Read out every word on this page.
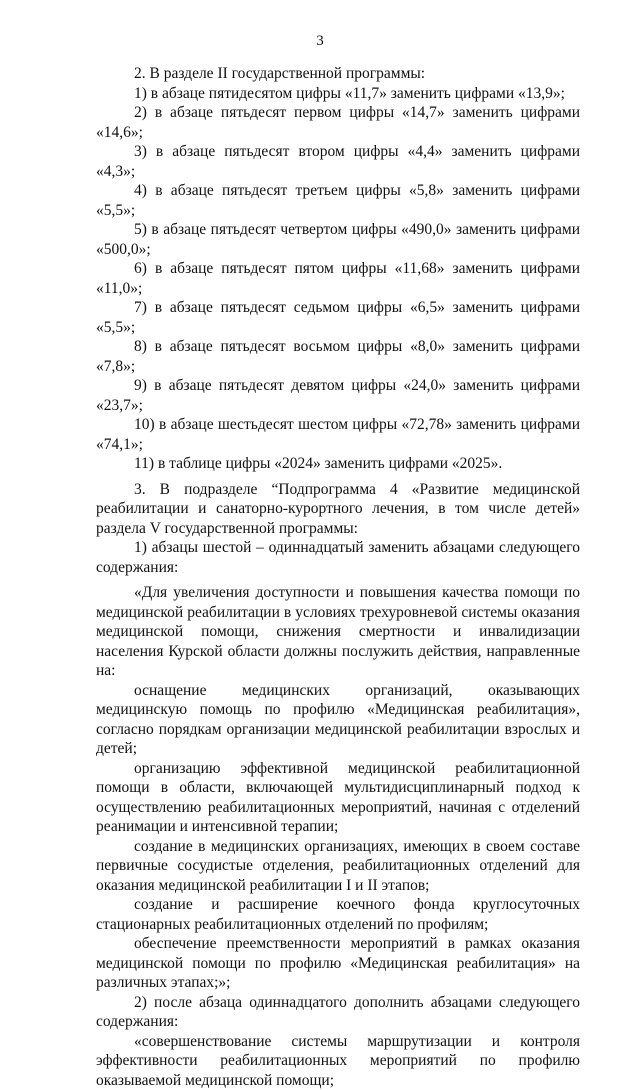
3

2. В разделе II государственной программы:

1) в абзаце пятидесятом цифры «11,7» заменить цифрами «13,9»;

2) в абзаце пятьдесят первом цифры «14,7» заменить цифрами «14,6»;

3) в абзаце пятьдесят втором цифры «4,4» заменить цифрами «4,3»;

4) в абзаце пятьдесят третьем цифры «5,8» заменить цифрами «5,5»;

5) в абзаце пятьдесят четвертом цифры «490,0» заменить цифрами «500,0»;

6) в абзаце пятьдесят пятом цифры «11,68» заменить цифрами «11,0»;

7) в абзаце пятьдесят седьмом цифры «6,5» заменить цифрами «5,5»;

8) в абзаце пятьдесят восьмом цифры «8,0» заменить цифрами «7,8»;

9) в абзаце пятьдесят девятом цифры «24,0» заменить цифрами «23,7»;

10) в абзаце шестьдесят шестом цифры «72,78» заменить цифрами «74,1»;

11) в таблице цифры «2024» заменить цифрами «2025».

3. В подразделе “Подпрограмма 4 «Развитие медицинской реабилитации и санаторно-курортного лечения, в том числе детей» раздела V государственной программы:

1) абзацы шестой – одиннадцатый заменить абзацами следующего содержания:

«Для увеличения доступности и повышения качества помощи по медицинской реабилитации в условиях трехуровневой системы оказания медицинской помощи, снижения смертности и инвалидизации населения Курской области должны послужить действия, направленные на:

оснащение медицинских организаций, оказывающих медицинскую помощь по профилю «Медицинская реабилитация», согласно порядкам организации медицинской реабилитации взрослых и детей;

организацию эффективной медицинской реабилитационной помощи в области, включающей мультидисциплинарный подход к осуществлению реабилитационных мероприятий, начиная с отделений реанимации и интенсивной терапии;

создание в медицинских организациях, имеющих в своем составе первичные сосудистые отделения, реабилитационных отделений для оказания медицинской реабилитации I и II этапов;

создание и расширение коечного фонда круглосуточных стационарных реабилитационных отделений по профилям;

обеспечение преемственности мероприятий в рамках оказания медицинской помощи по профилю «Медицинская реабилитация» на различных этапах;»;

2) после абзаца одиннадцатого дополнить абзацами следующего содержания:

«совершенствование системы маршрутизации и контроля эффективности реабилитационных мероприятий по профилю оказываемой медицинской помощи;
